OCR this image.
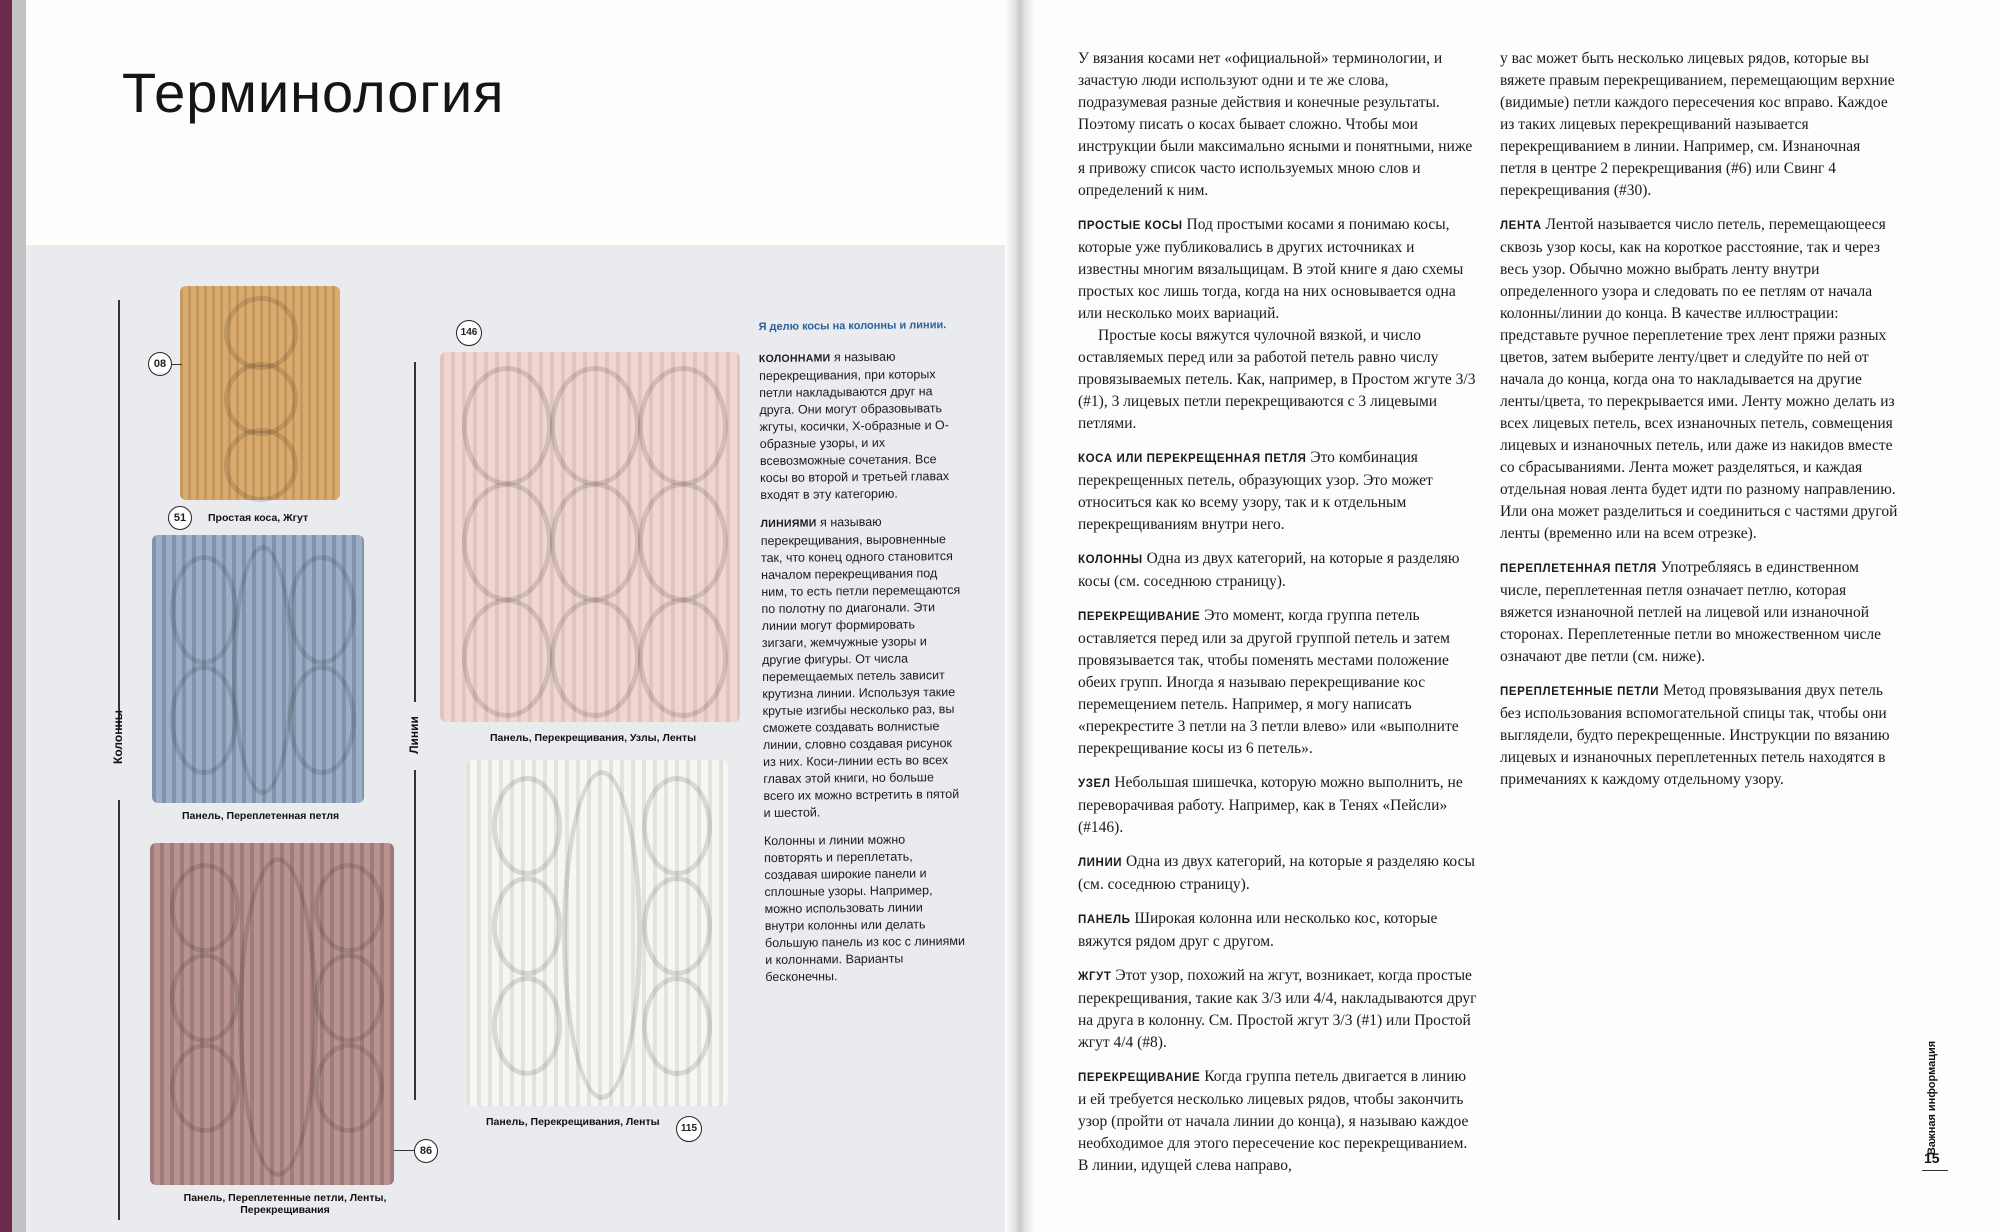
Терминология
Колонны	Линии
08
Простая коса, Жгут
51
Панель, Переплетенная петля
86
Панель, Переплетенные петли, Ленты,
Перекрещивания
146
Панель, Перекрещивания, Узлы, Ленты
Панель, Перекрещивания, Ленты
115

Я делю косы на колонны и линии.

КОЛОННАМИ я называю перекрещивания, при которых петли накладываются друг на друга. Они могут образовывать жгуты, косички, X-образные и O-образные узоры, и их всевозможные сочетания. Все косы во второй и третьей главах входят в эту категорию.

ЛИНИЯМИ я называю перекрещивания, выровненные так, что конец одного становится началом перекрещивания под ним, то есть петли перемещаются по полотну по диагонали. Эти линии могут формировать зигзаги, жемчужные узоры и другие фигуры. От числа перемещаемых петель зависит крутизна линии. Используя такие крутые изгибы несколько раз, вы сможете создавать волнистые линии, словно создавая рисунок из них. Коси-линии есть во всех главах этой книги, но больше всего их можно встретить в пятой и шестой.

Колонны и линии можно повторять и переплетать, создавая широкие панели и сплошные узоры. Например, можно использовать линии внутри колонны или делать большую панель из кос с линиями и колоннами. Варианты бесконечны.

У вязания косами нет «официальной» терминологии, и зачастую люди используют одни и те же слова, подразумевая разные действия и конечные результаты. Поэтому писать о косах бывает сложно. Чтобы мои инструкции были максимально ясными и понятными, ниже я привожу список часто используемых мною слов и определений к ним.

ПРОСТЫЕ КОСЫ Под простыми косами я понимаю косы, которые уже публиковались в других источниках и известны многим вязальщицам. В этой книге я даю схемы простых кос лишь тогда, когда на них основывается одна или несколько моих вариаций.

Простые косы вяжутся чулочной вязкой, и число оставляемых перед или за работой петель равно числу провязываемых петель. Как, например, в Простом жгуте 3/3 (#1), 3 лицевых петли перекрещиваются с 3 лицевыми петлями.

КОСА ИЛИ ПЕРЕКРЕЩЕННАЯ ПЕТЛЯ Это комбинация перекрещенных петель, образующих узор. Это может относиться как ко всему узору, так и к отдельным перекрещиваниям внутри него.

КОЛОННЫ Одна из двух категорий, на которые я разделяю косы (см. соседнюю страницу).

ПЕРЕКРЕЩИВАНИЕ Это момент, когда группа петель оставляется перед или за другой группой петель и затем провязывается так, чтобы поменять местами положение обеих групп. Иногда я называю перекрещивание кос перемещением петель. Например, я могу написать «перекрестите 3 петли на 3 петли влево» или «выполните перекрещивание косы из 6 петель».

УЗЕЛ Небольшая шишечка, которую можно выполнить, не переворачивая работу. Например, как в Тенях «Пейсли» (#146).

ЛИНИИ Одна из двух категорий, на которые я разделяю косы (см. соседнюю страницу).

ПАНЕЛЬ Широкая колонна или несколько кос, которые вяжутся рядом друг с другом.

ЖГУТ Этот узор, похожий на жгут, возникает, когда простые перекрещивания, такие как 3/3 или 4/4, накладываются друг на друга в колонну. См. Простой жгут 3/3 (#1) или Простой жгут 4/4 (#8).

ПЕРЕКРЕЩИВАНИЕ Когда группа петель двигается в линию и ей требуется несколько лицевых рядов, чтобы закончить узор (пройти от начала линии до конца), я называю каждое необходимое для этого пересечение кос перекрещиванием. В линии, идущей слева направо,

у вас может быть несколько лицевых рядов, которые вы вяжете правым перекрещиванием, перемещающим верхние (видимые) петли каждого пересечения кос вправо. Каждое из таких лицевых перекрещиваний называется перекрещиванием в линии. Например, см. Изнаночная петля в центре 2 перекрещивания (#6) или Свинг 4 перекрещивания (#30).

ЛЕНТА Лентой называется число петель, перемещающееся сквозь узор косы, как на короткое расстояние, так и через весь узор. Обычно можно выбрать ленту внутри определенного узора и следовать по ее петлям от начала колонны/линии до конца. В качестве иллюстрации: представьте ручное переплетение трех лент пряжи разных цветов, затем выберите ленту/цвет и следуйте по ней от начала до конца, когда она то накладывается на другие ленты/цвета, то перекрывается ими. Ленту можно делать из всех лицевых петель, всех изнаночных петель, совмещения лицевых и изнаночных петель, или даже из накидов вместе со сбрасываниями. Лента может разделяться, и каждая отдельная новая лента будет идти по разному направлению. Или она может разделиться и соединиться с частями другой ленты (временно или на всем отрезке).

ПЕРЕПЛЕТЕННАЯ ПЕТЛЯ Употребляясь в единственном числе, переплетенная петля означает петлю, которая вяжется изнаночной петлей на лицевой или изнаночной сторонах. Переплетенные петли во множественном числе означают две петли (см. ниже).

ПЕРЕПЛЕТЕННЫЕ ПЕТЛИ Метод провязывания двух петель без использования вспомогательной спицы так, чтобы они выглядели, будто перекрещенные. Инструкции по вязанию лицевых и изнаночных переплетенных петель находятся в примечаниях к каждому отдельному узору.

Важная информация
15
